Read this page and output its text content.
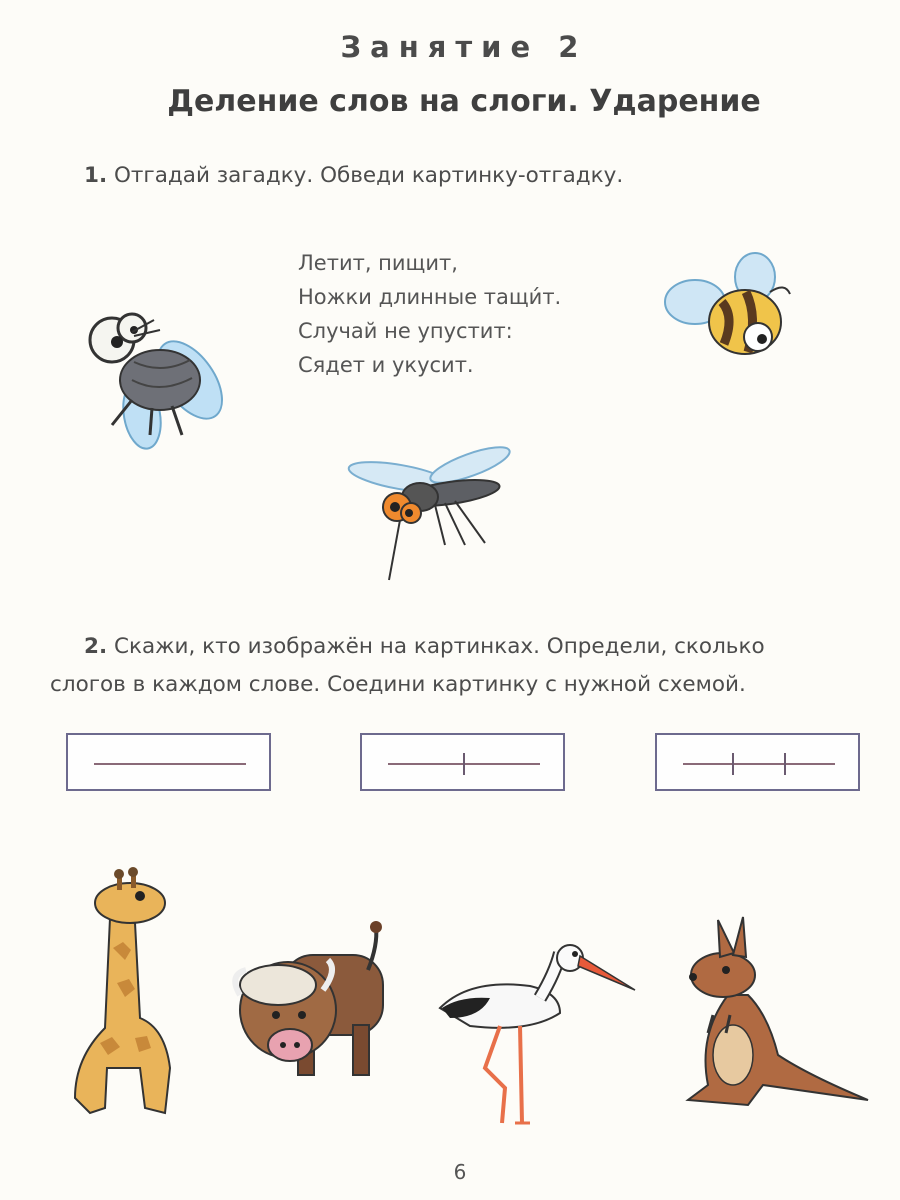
Занятие 2
Деление слов на слоги. Ударение
1. Отгадай загадку. Обведи картинку-отгадку.
Летит, пищит,
Ножки длинные тащи́т.
Случай не упустит:
Сядет и укусит.
2. Скажи, кто изображён на картинках. Определи, сколько
слогов в каждом слове. Соедини картинку с нужной схемой.
6
